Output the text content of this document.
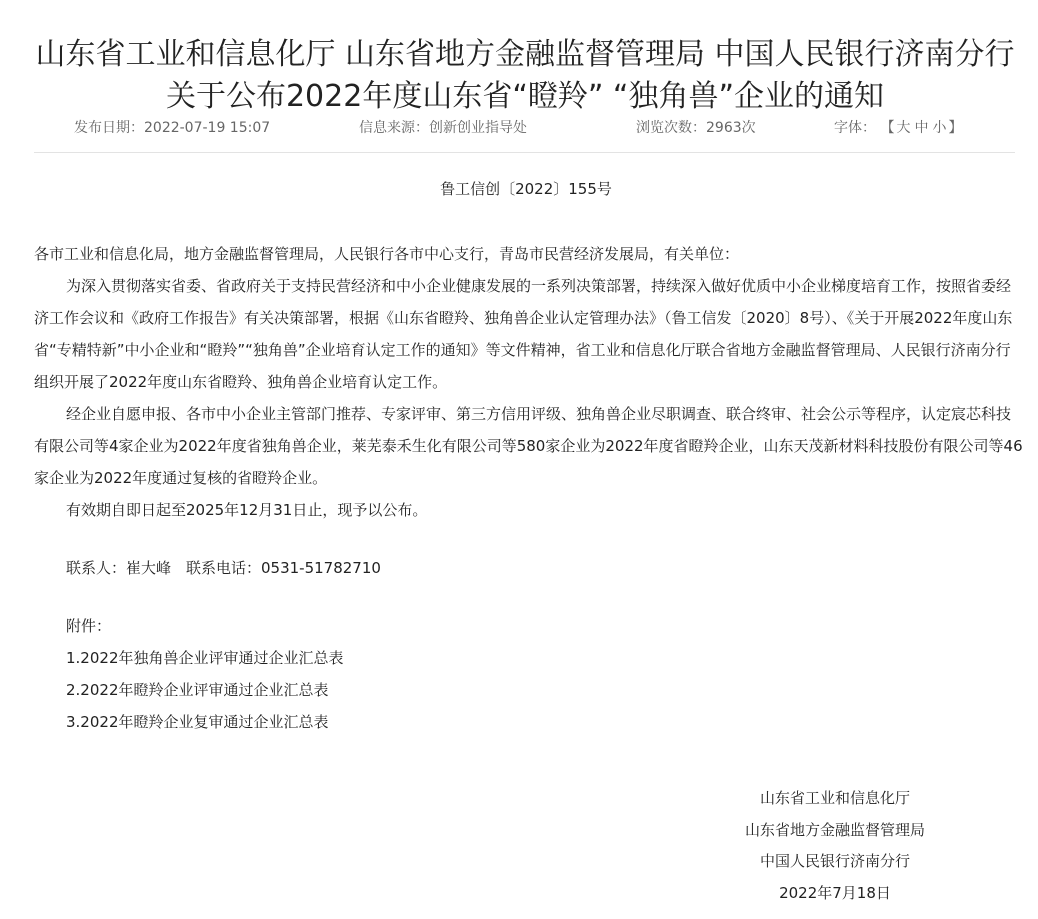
山东省工业和信息化厅 山东省地方金融监督管理局 中国人民银行济南分行
关于公布2022年度山东省“瞪羚” “独角兽”企业的通知
发布日期：2022-07-19 15:07	信息来源：创新创业指导处	浏览次数：2963次	字体： 【 大 中 小 】
鲁工信创〔2022〕155号

各市工业和信息化局，地方金融监督管理局，人民银行各市中心支行，青岛市民营经济发展局，有关单位：

为深入贯彻落实省委、省政府关于支持民营经济和中小企业健康发展的一系列决策部署，持续深入做好优质中小企业梯度培育工作，按照省委经济工作会议和《政府工作报告》有关决策部署，根据《山东省瞪羚、独角兽企业认定管理办法》（鲁工信发〔2020〕8号）、《关于开展2022年度山东省“专精特新”中小企业和“瞪羚”“独角兽”企业培育认定工作的通知》等文件精神，省工业和信息化厅联合省地方金融监督管理局、人民银行济南分行组织开展了2022年度山东省瞪羚、独角兽企业培育认定工作。

经企业自愿申报、各市中小企业主管部门推荐、专家评审、第三方信用评级、独角兽企业尽职调查、联合终审、社会公示等程序，认定宸芯科技有限公司等4家企业为2022年度省独角兽企业，莱芜泰禾生化有限公司等580家企业为2022年度省瞪羚企业，山东天茂新材料科技股份有限公司等46家企业为2022年度通过复核的省瞪羚企业。

有效期自即日起至2025年12月31日止，现予以公布。

联系人：崔大峰　联系电话：0531-51782710

附件：

1.2022年独角兽企业评审通过企业汇总表

2.2022年瞪羚企业评审通过企业汇总表

3.2022年瞪羚企业复审通过企业汇总表

山东省工业和信息化厅
山东省地方金融监督管理局
中国人民银行济南分行
2022年7月18日
